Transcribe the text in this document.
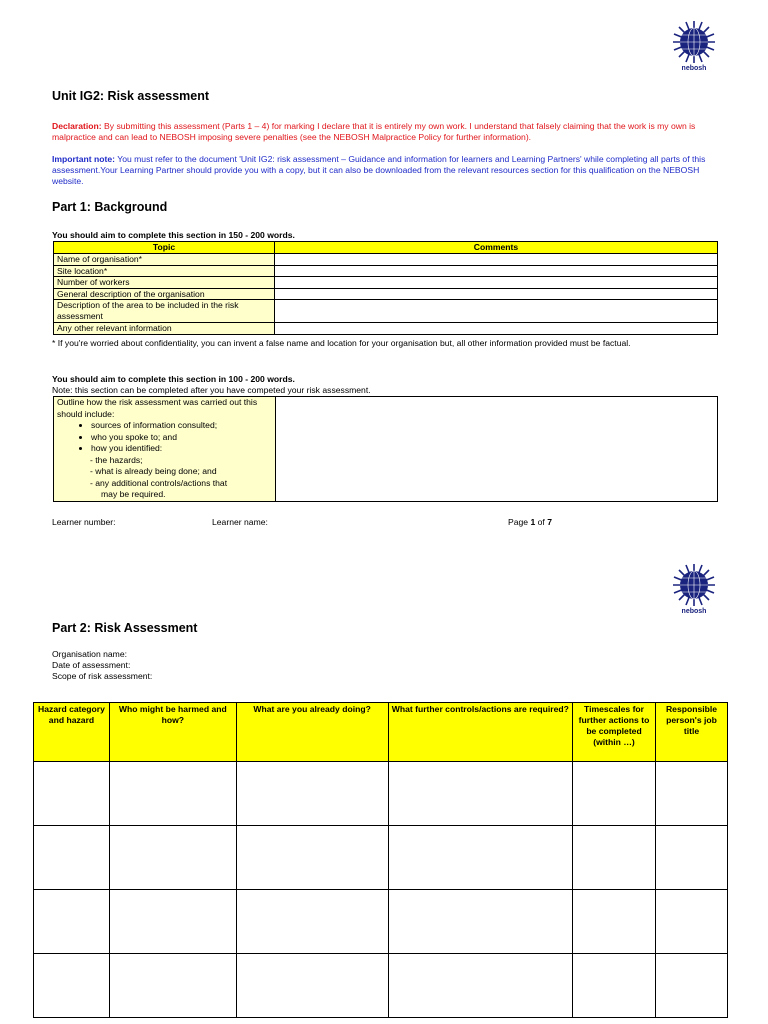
nebosh
Unit IG2: Risk assessment

Declaration: By submitting this assessment (Parts 1 – 4) for marking I declare that it is entirely my own work. I understand that falsely claiming that the work is my own is malpractice and can lead to NEBOSH imposing severe penalties (see the NEBOSH Malpractice Policy for further information).

Important note: You must refer to the document 'Unit IG2: risk assessment – Guidance and information for learners and Learning Partners' while completing all parts of this assessment.Your Learning Partner should provide you with a copy, but it can also be downloaded from the relevant resources section for this qualification on the NEBOSH website.

Part 1: Background
You should aim to complete this section in 150 - 200 words.
Topic	Comments
Name of organisation*	
Site location*	
Number of workers	
General description of the organisation	
Description of the area to be included in the risk assessment	
Any other relevant information	

* If you're worried about confidentiality, you can invent a false name and location for your organisation but, all other information provided must be factual.

You should aim to complete this section in 100 - 200 words.
Note: this section can be completed after you have competed your risk assessment.
Outline how the risk assessment was carried out this should include:
• sources of information consulted;
• who you spoke to; and
• how you identified:
- the hazards;
- what is already being done; and
- any additional controls/actions that
may be required.

Learner number:	Learner name:	Page 1 of 7
nebosh
Part 2: Risk Assessment
Organisation name:
Date of assessment:
Scope of risk assessment:
Hazard category and hazard	Who might be harmed and how?	What are you already doing?	What further controls/actions are required?	Timescales for further actions to be completed (within …)	Responsible person's job title
